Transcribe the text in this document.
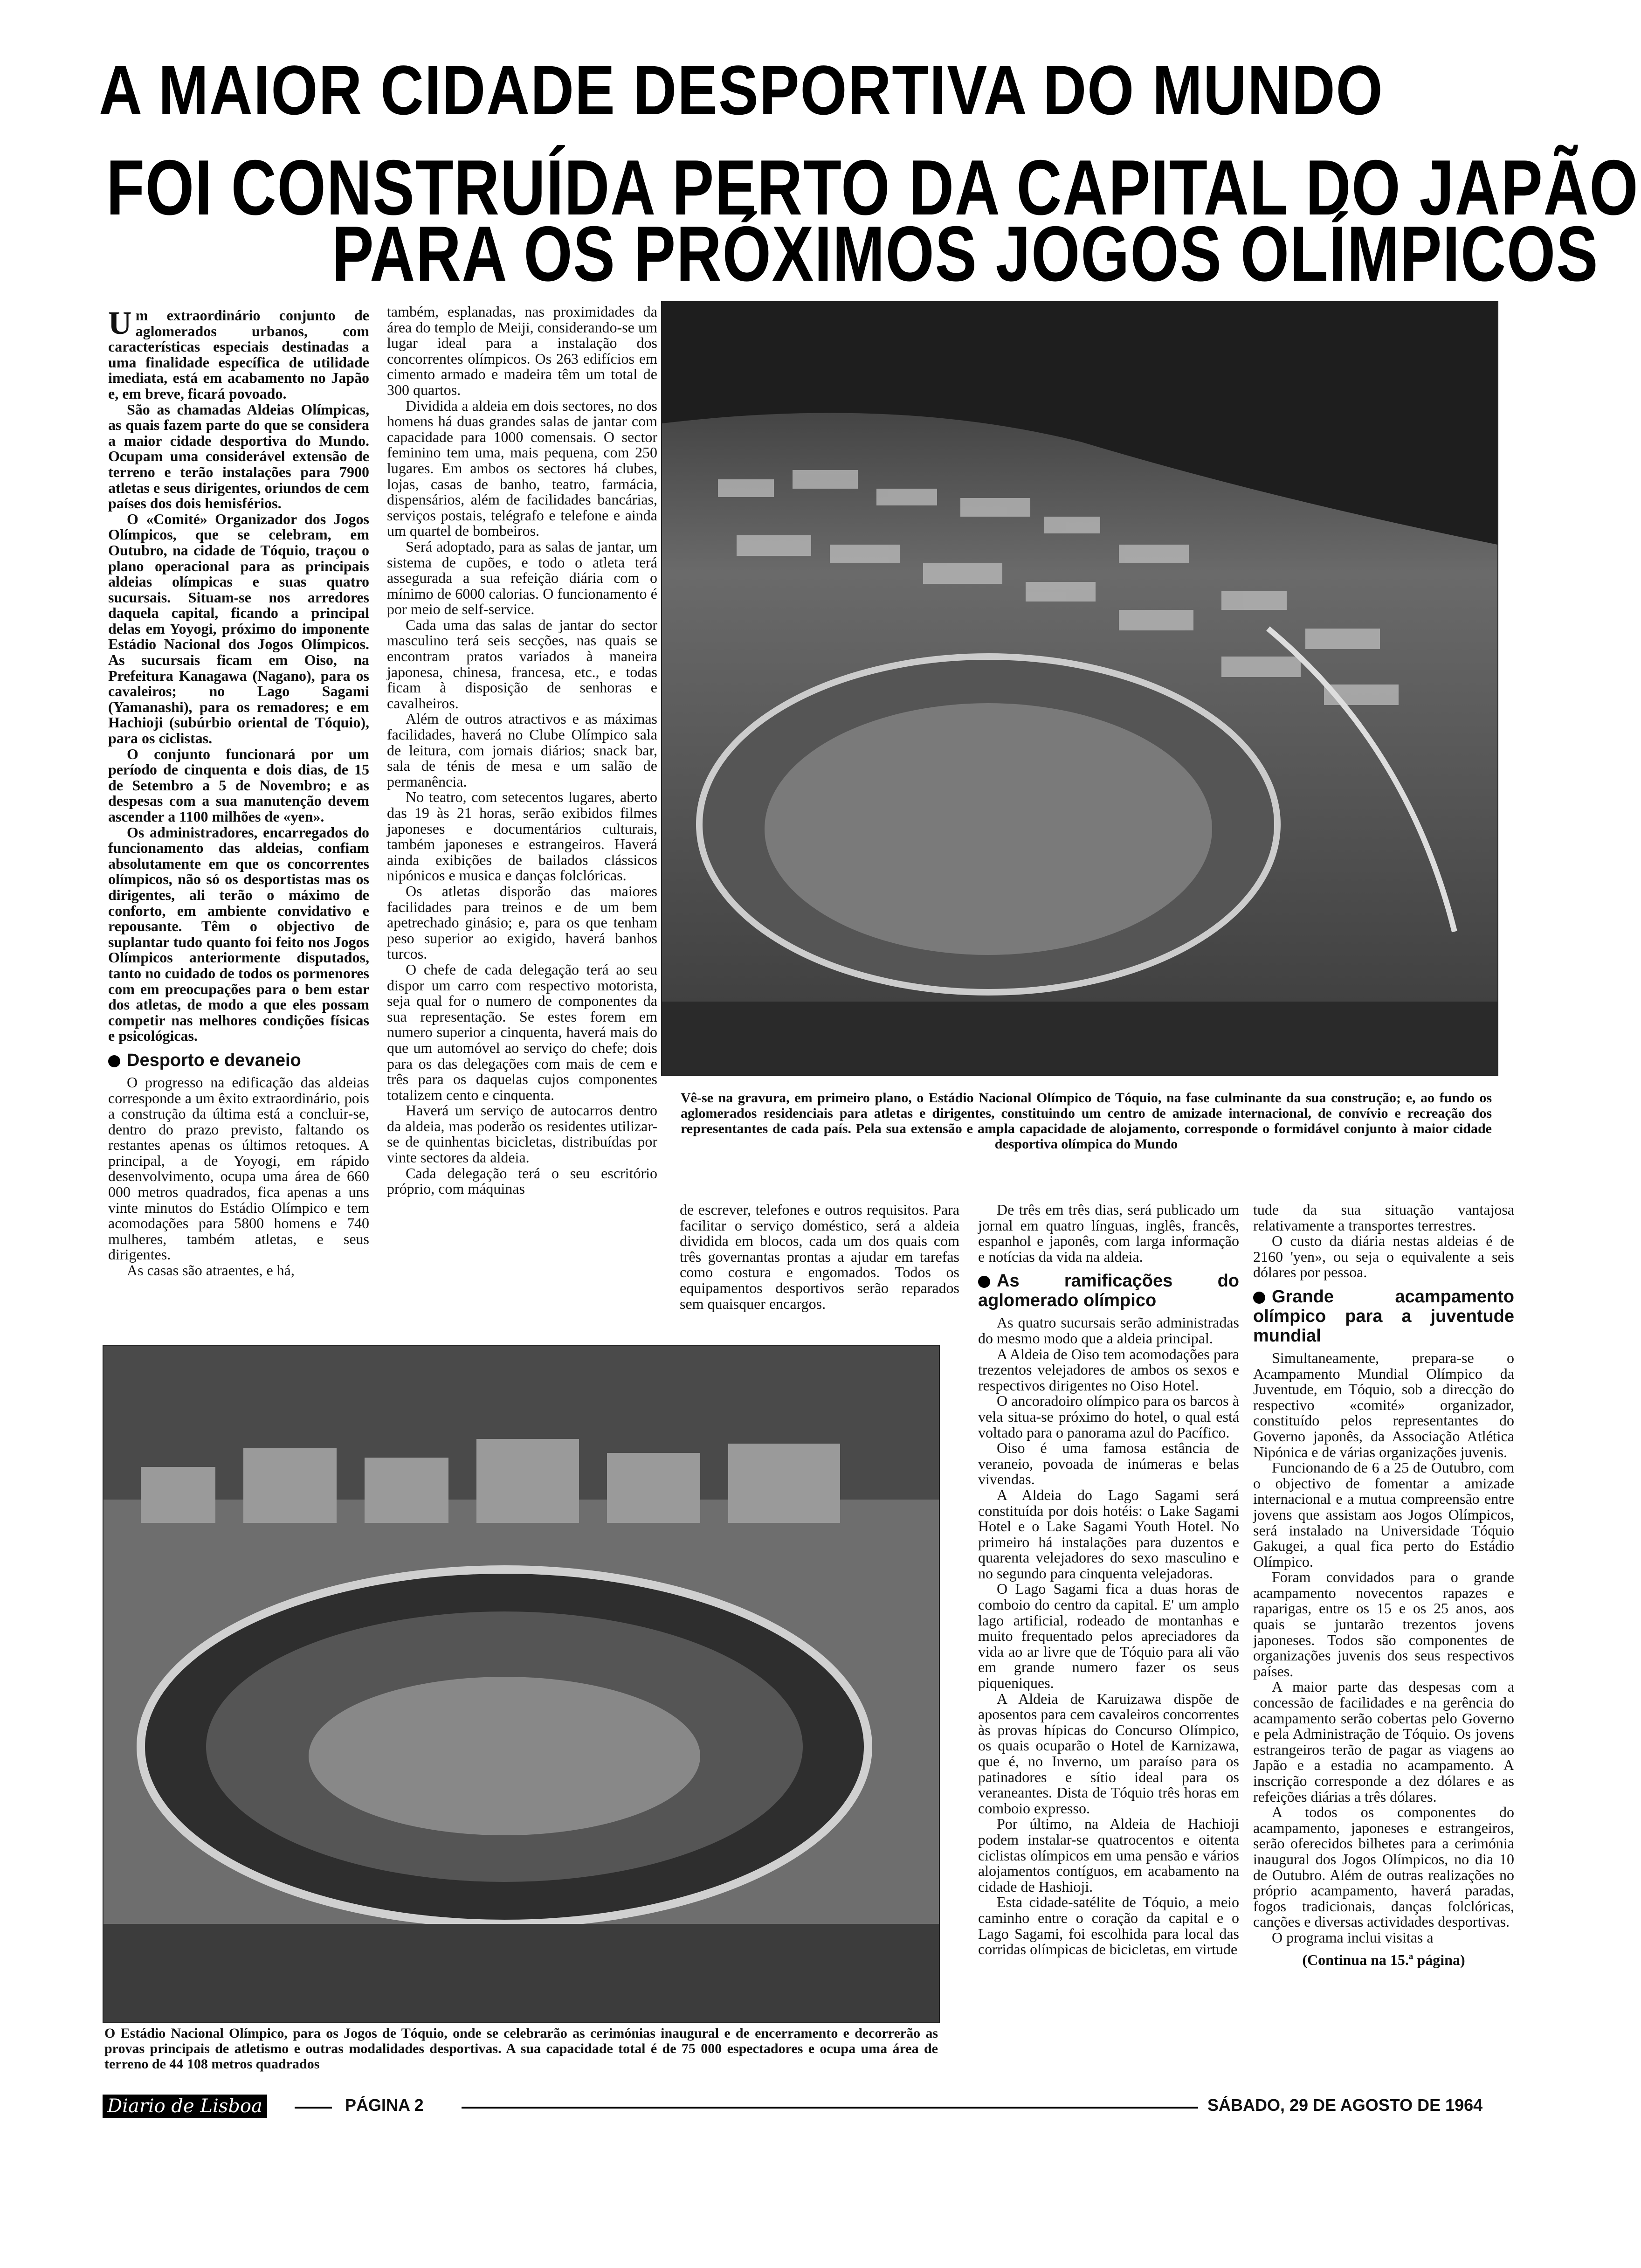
A MAIOR CIDADE DESPORTIVA DO MUNDO
FOI CONSTRUÍDA PERTO DA CAPITAL DO JAPÃO
PARA OS PRÓXIMOS JOGOS OLÍMPICOS

Um extraordinário conjunto de aglomerados urbanos, com características especiais destinadas a uma finalidade específica de utilidade imediata, está em acabamento no Japão e, em breve, ficará povoado.

São as chamadas Aldeias Olímpicas, as quais fazem parte do que se considera a maior cidade desportiva do Mundo. Ocupam uma considerável extensão de terreno e terão instalações para 7900 atletas e seus dirigentes, oriundos de cem países dos dois hemisférios.

O «Comité» Organizador dos Jogos Olímpicos, que se celebram, em Outubro, na cidade de Tóquio, traçou o plano operacional para as principais aldeias olímpicas e suas quatro sucursais. Situam-se nos arredores daquela capital, ficando a principal delas em Yoyogi, próximo do imponente Estádio Nacional dos Jogos Olímpicos. As sucursais ficam em Oiso, na Prefeitura Kanagawa (Nagano), para os cavaleiros; no Lago Sagami (Yamanashi), para os remadores; e em Hachioji (subúrbio oriental de Tóquio), para os ciclistas.

O conjunto funcionará por um período de cinquenta e dois dias, de 15 de Setembro a 5 de Novembro; e as despesas com a sua manutenção devem ascender a 1100 milhões de «yen».

Os administradores, encarregados do funcionamento das aldeias, confiam absolutamente em que os concorrentes olímpicos, não só os desportistas mas os dirigentes, ali terão o máximo de conforto, em ambiente convidativo e repousante. Têm o objectivo de suplantar tudo quanto foi feito nos Jogos Olímpicos anteriormente disputados, tanto no cuidado de todos os pormenores com em preocupações para o bem estar dos atletas, de modo a que eles possam competir nas melhores condições físicas e psicológicas.

Desporto e devaneio

O progresso na edificação das aldeias corresponde a um êxito extraordinário, pois a construção da última está a concluir-se, dentro do prazo previsto, faltando os restantes apenas os últimos retoques. A principal, a de Yoyogi, em rápido desenvolvimento, ocupa uma área de 660 000 metros quadrados, fica apenas a uns vinte minutos do Estádio Olímpico e tem acomodações para 5800 homens e 740 mulheres, também atletas, e seus dirigentes.

As casas são atraentes, e há,

também, esplanadas, nas proximidades da área do templo de Meiji, considerando-se um lugar ideal para a instalação dos concorrentes olímpicos. Os 263 edifícios em cimento armado e madeira têm um total de 300 quartos.

Dividida a aldeia em dois sectores, no dos homens há duas grandes salas de jantar com capacidade para 1000 comensais. O sector feminino tem uma, mais pequena, com 250 lugares. Em ambos os sectores há clubes, lojas, casas de banho, teatro, farmácia, dispensários, além de facilidades bancárias, serviços postais, telégrafo e telefone e ainda um quartel de bombeiros.

Será adoptado, para as salas de jantar, um sistema de cupões, e todo o atleta terá assegurada a sua refeição diária com o mínimo de 6000 calorias. O funcionamento é por meio de self-service.

Cada uma das salas de jantar do sector masculino terá seis secções, nas quais se encontram pratos variados à maneira japonesa, chinesa, francesa, etc., e todas ficam à disposição de senhoras e cavalheiros.

Além de outros atractivos e as máximas facilidades, haverá no Clube Olímpico sala de leitura, com jornais diários; snack bar, sala de ténis de mesa e um salão de permanência.

No teatro, com setecentos lugares, aberto das 19 às 21 horas, serão exibidos filmes japoneses e documentários culturais, também japoneses e estrangeiros. Haverá ainda exibições de bailados clássicos nipónicos e musica e danças folclóricas.

Os atletas disporão das maiores facilidades para treinos e de um bem apetrechado ginásio; e, para os que tenham peso superior ao exigido, haverá banhos turcos.

O chefe de cada delegação terá ao seu dispor um carro com respectivo motorista, seja qual for o numero de componentes da sua representação. Se estes forem em numero superior a cinquenta, haverá mais do que um automóvel ao serviço do chefe; dois para os das delegações com mais de cem e três para os daquelas cujos componentes totalizem cento e cinquenta.

Haverá um serviço de autocarros dentro da aldeia, mas poderão os residentes utilizar-se de quinhentas bicicletas, distribuídas por vinte sectores da aldeia.

Cada delegação terá o seu escritório próprio, com máquinas

Vê-se na gravura, em primeiro plano, o Estádio Nacional Olímpico de Tóquio, na fase culminante da sua construção; e, ao fundo os aglomerados residenciais para atletas e dirigentes, constituindo um centro de amizade internacional, de convívio e recreação dos representantes de cada país. Pela sua extensão e ampla capacidade de alojamento, corresponde o formidável conjunto à maior cidade desportiva olímpica do Mundo

de escrever, telefones e outros requisitos. Para facilitar o serviço doméstico, será a aldeia dividida em blocos, cada um dos quais com três governantas prontas a ajudar em tarefas como costura e engomados. Todos os equipamentos desportivos serão reparados sem quaisquer encargos.

O Estádio Nacional Olímpico, para os Jogos de Tóquio, onde se celebrarão as cerimónias inaugural e de encerramento e decorrerão as provas principais de atletismo e outras modalidades desportivas. A sua capacidade total é de 75 000 espectadores e ocupa uma área de terreno de 44 108 metros quadrados

De três em três dias, será publicado um jornal em quatro línguas, inglês, francês, espanhol e japonês, com larga informação e notícias da vida na aldeia.

As ramificações do aglomerado olímpico

As quatro sucursais serão administradas do mesmo modo que a aldeia principal.

A Aldeia de Oiso tem acomodações para trezentos velejadores de ambos os sexos e respectivos dirigentes no Oiso Hotel.

O ancoradoiro olímpico para os barcos à vela situa-se próximo do hotel, o qual está voltado para o panorama azul do Pacífico.

Oiso é uma famosa estância de veraneio, povoada de inúmeras e belas vivendas.

A Aldeia do Lago Sagami será constituída por dois hotéis: o Lake Sagami Hotel e o Lake Sagami Youth Hotel. No primeiro há instalações para duzentos e quarenta velejadores do sexo masculino e no segundo para cinquenta velejadoras.

O Lago Sagami fica a duas horas de comboio do centro da capital. E' um amplo lago artificial, rodeado de montanhas e muito frequentado pelos apreciadores da vida ao ar livre que de Tóquio para ali vão em grande numero fazer os seus piqueniques.

A Aldeia de Karuizawa dispõe de aposentos para cem cavaleiros concorrentes às provas hípicas do Concurso Olímpico, os quais ocuparão o Hotel de Karnizawa, que é, no Inverno, um paraíso para os patinadores e sítio ideal para os veraneantes. Dista de Tóquio três horas em comboio expresso.

Por último, na Aldeia de Hachioji podem instalar-se quatrocentos e oitenta ciclistas olímpicos em uma pensão e vários alojamentos contíguos, em acabamento na cidade de Hashioji.

Esta cidade-satélite de Tóquio, a meio caminho entre o coração da capital e o Lago Sagami, foi escolhida para local das corridas olímpicas de bicicletas, em virtude

tude da sua situação vantajosa relativamente a transportes terrestres.

O custo da diária nestas aldeias é de 2160 'yen», ou seja o equivalente a seis dólares por pessoa.

Grande acampamento olímpico para a juventude mundial

Simultaneamente, prepara-se o Acampamento Mundial Olímpico da Juventude, em Tóquio, sob a direcção do respectivo «comité» organizador, constituído pelos representantes do Governo japonês, da Associação Atlética Nipónica e de várias organizações juvenis.

Funcionando de 6 a 25 de Outubro, com o objectivo de fomentar a amizade internacional e a mutua compreensão entre jovens que assistam aos Jogos Olímpicos, será instalado na Universidade Tóquio Gakugei, a qual fica perto do Estádio Olímpico.

Foram convidados para o grande acampamento novecentos rapazes e raparigas, entre os 15 e os 25 anos, aos quais se juntarão trezentos jovens japoneses. Todos são componentes de organizações juvenis dos seus respectivos países.

A maior parte das despesas com a concessão de facilidades e na gerência do acampamento serão cobertas pelo Governo e pela Administração de Tóquio. Os jovens estrangeiros terão de pagar as viagens ao Japão e a estadia no acampamento. A inscrição corresponde a dez dólares e as refeições diárias a três dólares.

A todos os componentes do acampamento, japoneses e estrangeiros, serão oferecidos bilhetes para a cerimónia inaugural dos Jogos Olímpicos, no dia 10 de Outubro. Além de outras realizações no próprio acampamento, haverá paradas, fogos tradicionais, danças folclóricas, canções e diversas actividades desportivas.

O programa inclui visitas a

(Continua na 15.ª página)

Diario de Lisboa	PÁGINA 2	SÁBADO, 29 DE AGOSTO DE 1964
